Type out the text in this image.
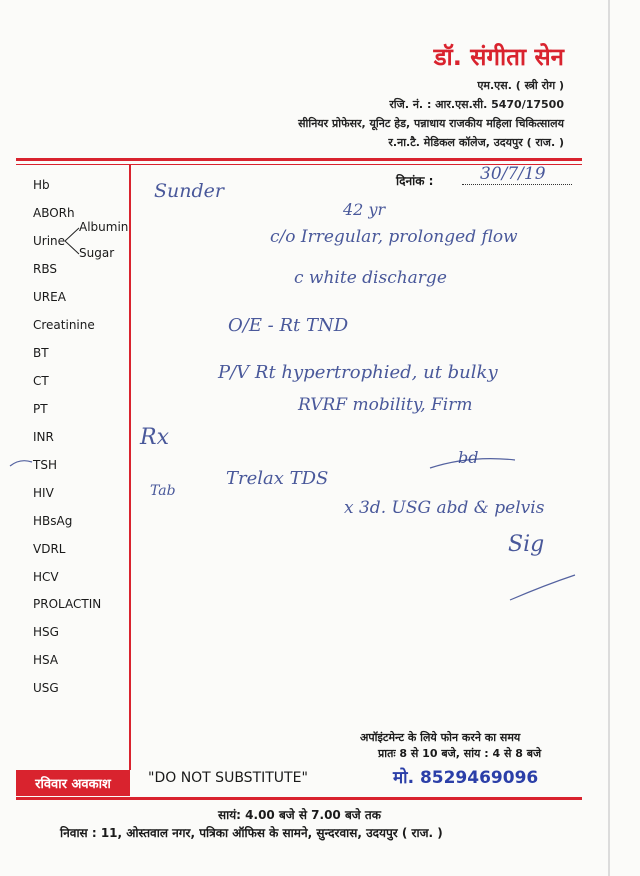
डॉ. संगीता सेन
एम.एस. ( स्त्री रोग )
रजि. नं. : आर.एस.सी. 5470/17500
सीनियर प्रोफेसर, यूनिट हेड, पन्नाधाय राजकीय महिला चिकित्सालय
र.ना.टै. मेडिकल कॉलेज, उदयपुर ( राज. )
दिनांक :
Hb
ABORh
RBS
UREA
Creatinine
BT
CT
PT
INR
TSH
HIV
HBsAg
VDRL
HCV
PROLACTIN
HSG
HSA
USG
Urine
Albumin
Sugar
30/7/19
Sunder
42 yr
c/o Irregular, prolonged flow
c white discharge
O/E - Rt TND
P/V Rt hypertrophied, ut bulky
RVRF mobility, Firm
Rx
Tab
bd
Trelax TDS
x 3d. USG abd & pelvis
Sig
अपॉइंटमेन्ट के लिये फोन करने का समय
प्रातः 8 से 10 बजे, सांय : 4 से 8 बजे
मो. 8529469096
रविवार अवकाश	"DO NOT SUBSTITUTE"
सायं: 4.00 बजे से 7.00 बजे तक
निवास : 11, ओस्तवाल नगर, पत्रिका ऑफिस के सामने, सुन्दरवास, उदयपुर ( राज. )
